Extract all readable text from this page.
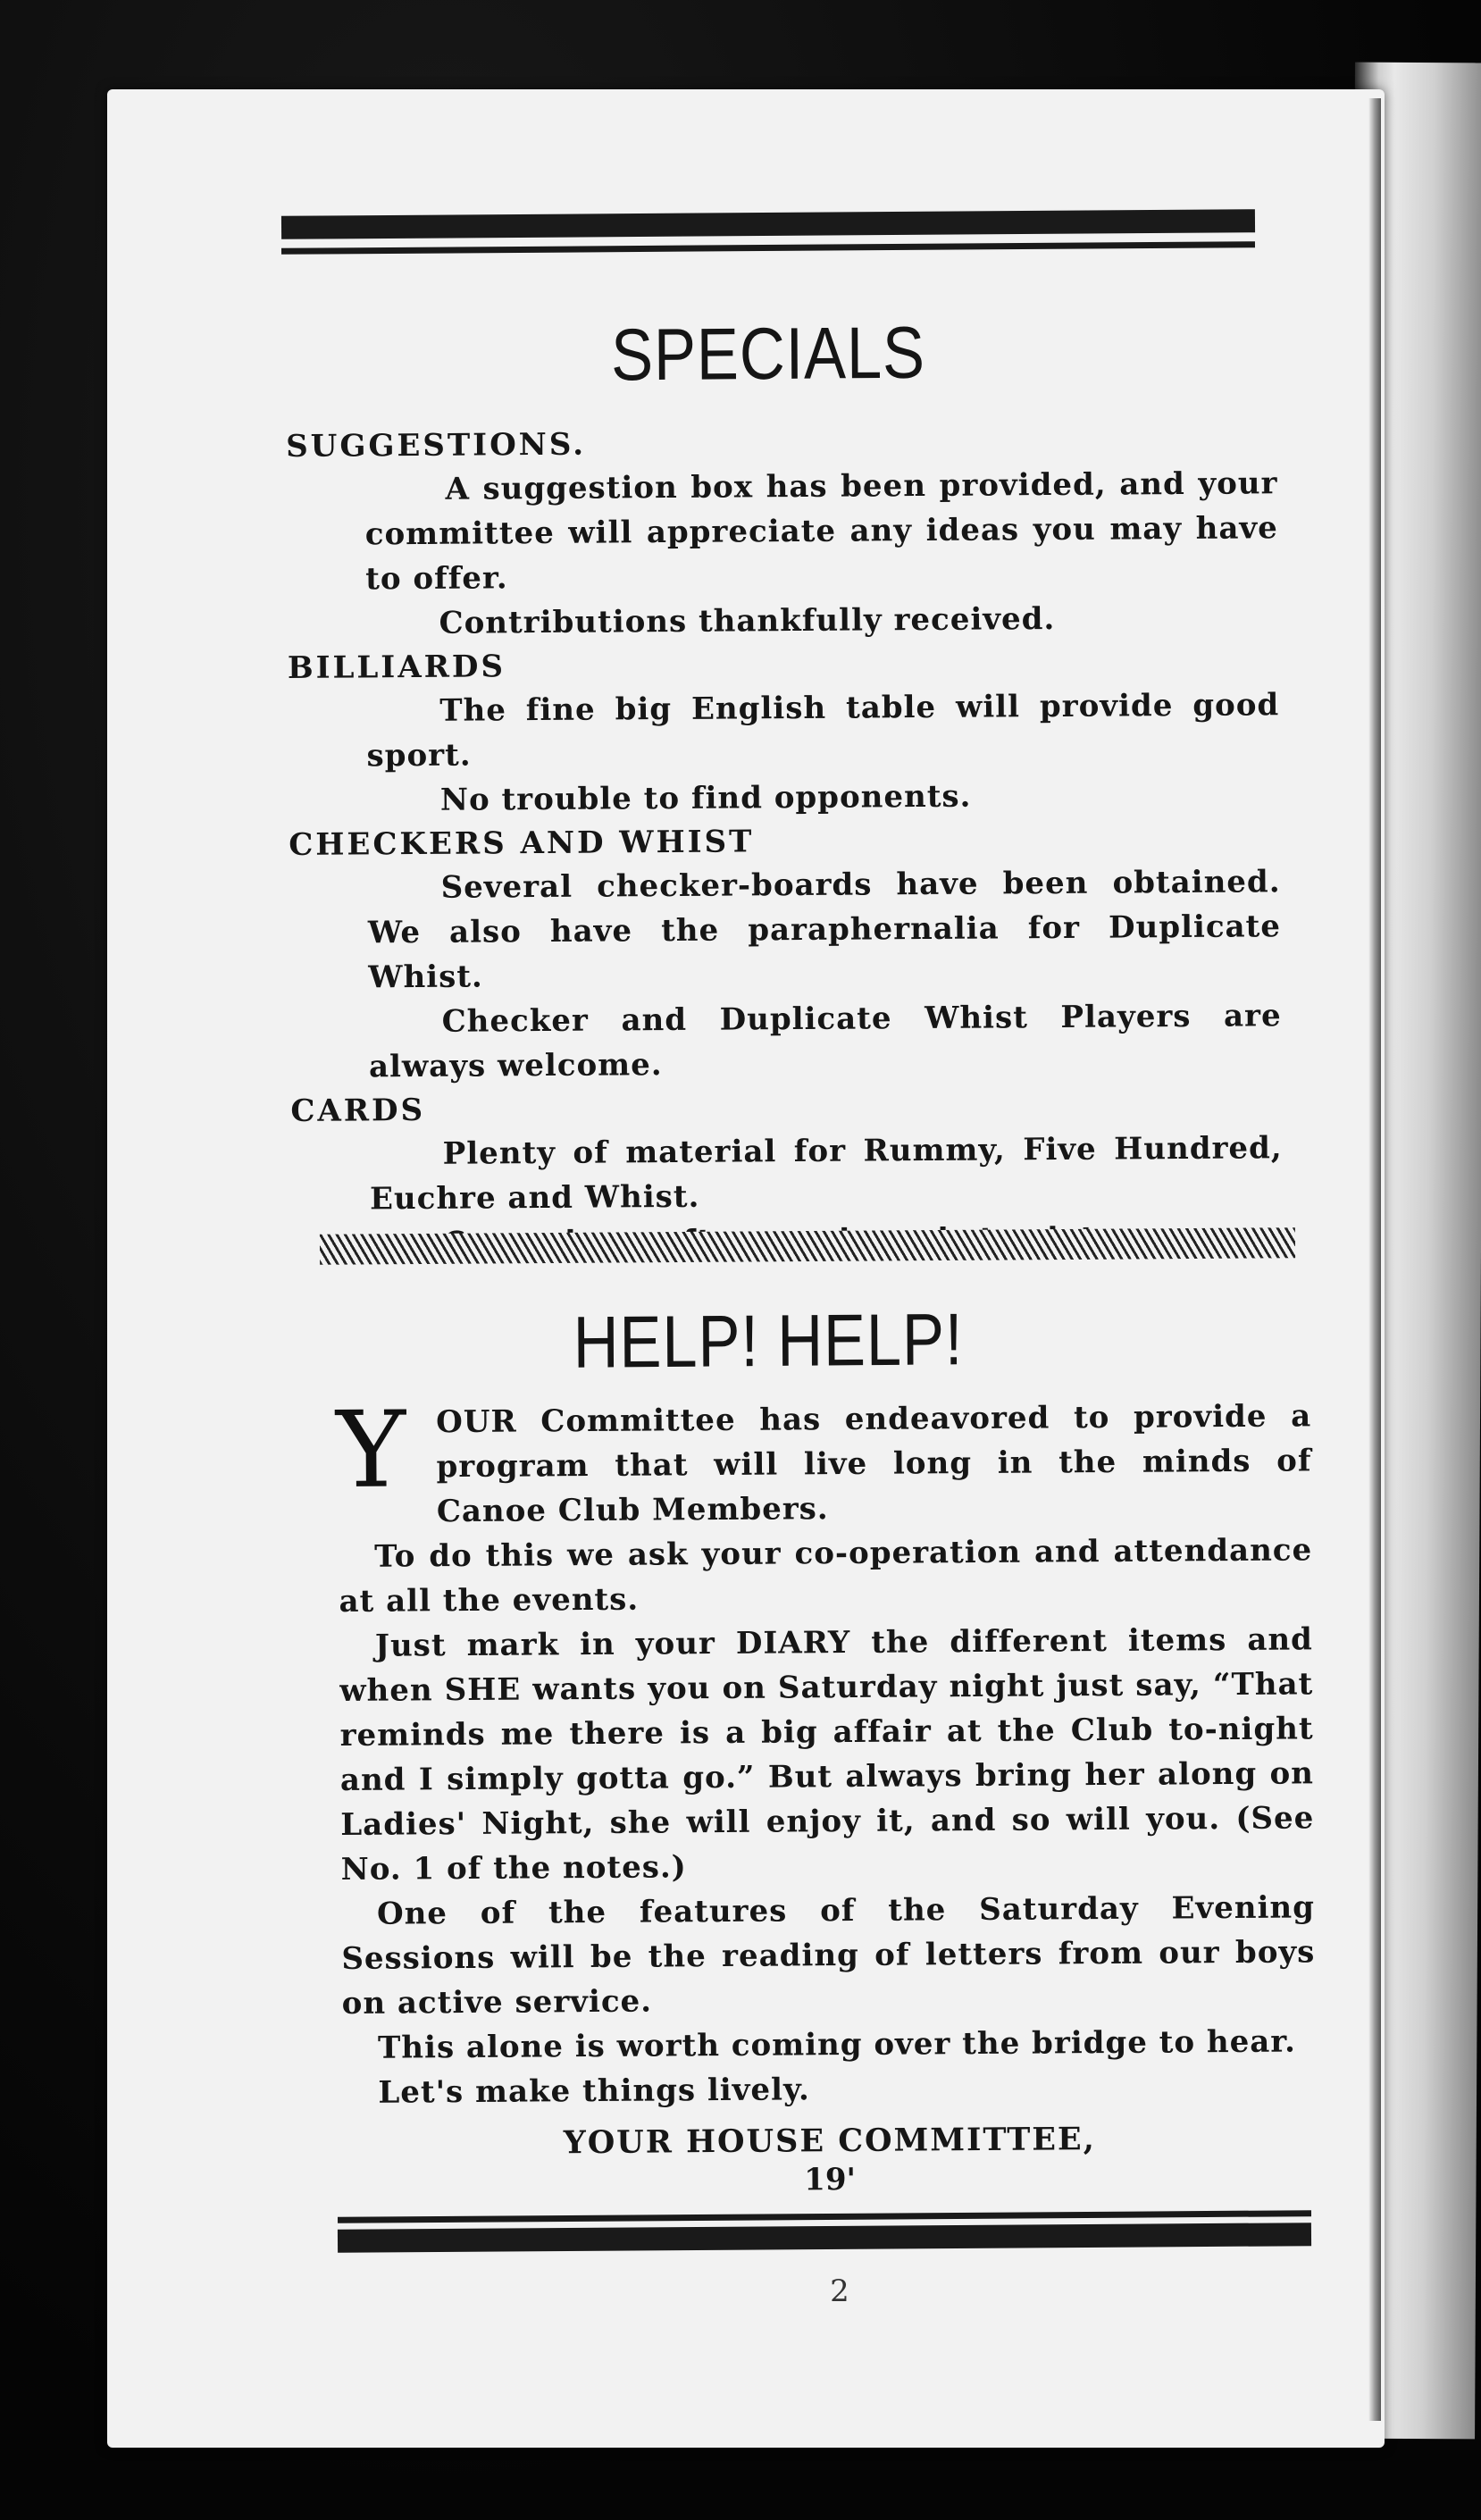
SPECIALS

SUGGESTIONS.

A suggestion box has been provided, and your committee will appreciate any ideas you may have to offer.

Contributions thankfully received.

BILLIARDS

The fine big English table will provide good sport.

No trouble to find opponents.

CHECKERS AND WHIST

Several checker-boards have been obtained. We also have the paraphernalia for Duplicate Whist.

Checker and Duplicate Whist Players are always welcome.

CARDS

Plenty of material for Rummy, Five Hundred, Euchre and Whist.

HELP! HELP!
Y OUR Committee has endeavored to provide a program that will live long in the minds of Canoe Club Members.

To do this we ask your co-operation and attendance at all the events.

Just mark in your DIARY the different items and when SHE wants you on Saturday night just say, “That reminds me there is a big affair at the Club to-night and I simply gotta go.” But always bring her along on Ladies' Night, she will enjoy it, and so will you. (See No. 1 of the notes.)

One of the features of the Saturday Evening Sessions will be the reading of letters from our boys on active service.

This alone is worth coming over the bridge to hear.

Let's make things lively.

YOUR HOUSE COMMITTEE,
19'
2
